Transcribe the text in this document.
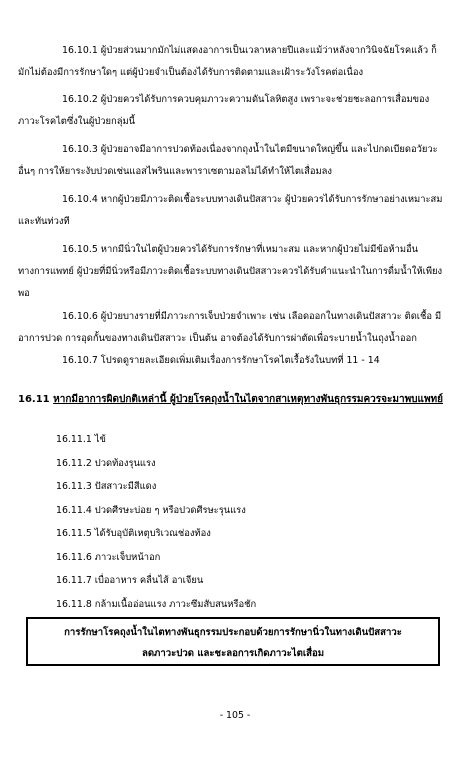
16.10.1 ผู้ป่วยส่วนมากมักไม่แสดงอาการเป็นเวลาหลายปีและแม้ว่าหลังจากวินิจฉัยโรคแล้ว ก็มักไม่ต้องมีการรักษาใดๆ แต่ผู้ป่วยจำเป็นต้องได้รับการติดตามและเฝ้าระวังโรคต่อเนื่อง

16.10.2 ผู้ป่วยควรได้รับการควบคุมภาวะความดันโลหิตสูง เพราะจะช่วยชะลอการเสื่อมของภาวะโรคไตซึ่งในผู้ป่วยกลุ่มนี้

16.10.3 ผู้ป่วยอาจมีอาการปวดท้องเนื่องจากถุงน้ำในไตมีขนาดใหญ่ขึ้น และไปกดเบียดอวัยวะอื่นๆ การให้ยาระงับปวดเช่นแอสไพรินและพาราเซตามอลไม่ได้ทำให้ไตเสื่อมลง

16.10.4 หากผู้ป่วยมีภาวะติดเชื้อระบบทางเดินปัสสาวะ ผู้ป่วยควรได้รับการรักษาอย่างเหมาะสมและทันท่วงที

16.10.5 หากมีนิ่วในไตผู้ป่วยควรได้รับการรักษาที่เหมาะสม และหากผู้ป่วยไม่มีข้อห้ามอื่นทางการแพทย์ ผู้ป่วยที่มีนิ่วหรือมีภาวะติดเชื้อระบบทางเดินปัสสาวะควรได้รับคำแนะนำในการดื่มน้ำให้เพียงพอ

16.10.6 ผู้ป่วยบางรายที่มีภาวะการเจ็บป่วยจำเพาะ เช่น เลือดออกในทางเดินปัสสาวะ ติดเชื้อ มีอาการปวด การอุดกั้นของทางเดินปัสสาวะ เป็นต้น อาจต้องได้รับการผ่าตัดเพื่อระบายน้ำในถุงน้ำออก

16.10.7 โปรดดูรายละเอียดเพิ่มเติมเรื่องการรักษาโรคไตเรื้อรังในบทที่ 11 - 14

16.11 หากมีอาการผิดปกติเหล่านี้ ผู้ป่วยโรคถุงน้ำในไตจากสาเหตุทางพันธุกรรมควรจะมาพบแพทย์

16.11.1 ไข้
16.11.2 ปวดท้องรุนแรง
16.11.3 ปัสสาวะมีสีแดง
16.11.4 ปวดศีรษะบ่อย ๆ หรือปวดศีรษะรุนแรง
16.11.5 ได้รับอุบัติเหตุบริเวณช่องท้อง
16.11.6 ภาวะเจ็บหน้าอก
16.11.7 เบื่ออาหาร คลื่นไส้ อาเจียน
16.11.8 กล้ามเนื้ออ่อนแรง ภาวะซึมสับสนหรือชัก
การรักษาโรคถุงน้ำในไตทางพันธุกรรมประกอบด้วยการรักษานิ่วในทางเดินปัสสาวะ
ลดภาวะปวด และชะลอการเกิดภาวะไตเสื่อม
- 105 -
